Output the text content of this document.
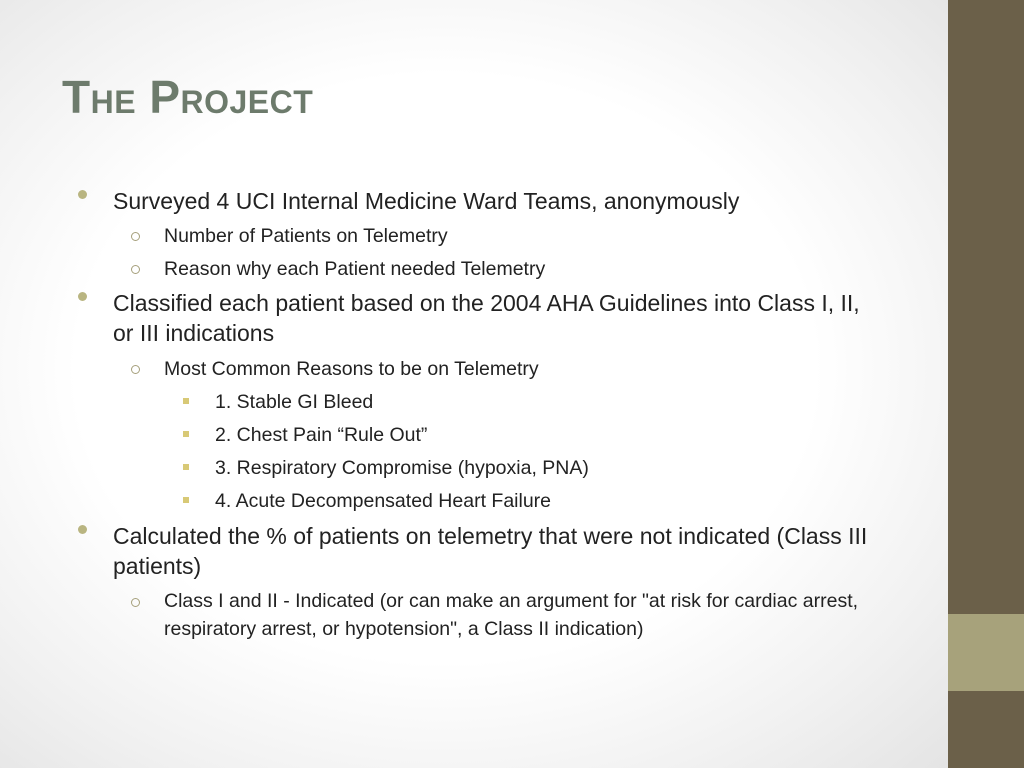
The Project
Surveyed 4 UCI Internal Medicine Ward Teams, anonymously
Number of Patients on Telemetry
Reason why each Patient needed Telemetry
Classified each patient based on the 2004 AHA Guidelines into Class I, II, or III indications
Most Common Reasons to be on Telemetry
1. Stable GI Bleed
2. Chest Pain “Rule Out”
3. Respiratory Compromise (hypoxia, PNA)
4. Acute Decompensated Heart Failure
Calculated the % of patients on telemetry that were not indicated (Class III patients)
Class I and II - Indicated (or can make an argument for "at risk for cardiac arrest, respiratory arrest, or hypotension", a Class II indication)
